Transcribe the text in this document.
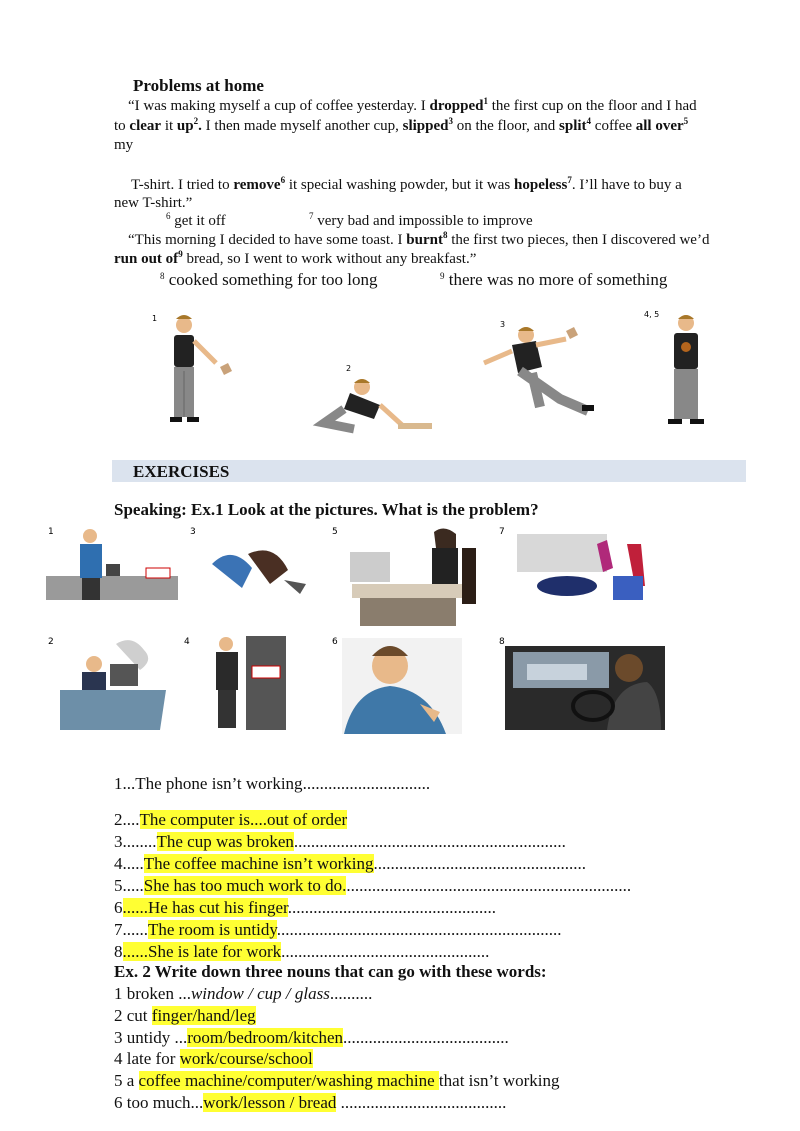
Problems at home
“I was making myself a cup of coffee yesterday. I dropped$^1$ the first cup on the floor and I had
to clear it $up^2$. I then made myself another cup, slipped$^3$ on the floor, and split$^4$ coffee all over$^5$
my
T-shirt. I tried to remove$^6$ it special washing powder, but it was hopeless$^7$. I’ll have to buy a
new T-shirt.”
$^6$ get it off	$^7$ very bad and impossible to improve
“This morning I decided to have some toast. I burnt$^8$ the first two pieces, then I discovered we’d
run out $of^9$ bread, so I went to work without any breakfast.”
$^8$ cooked something for too long	$^9$ there was no more of something
1
2
3
4, 5
EXERCISES
Speaking: Ex.1 Look at the pictures. What is the problem?
1	3	5	7
2	4	6	8
1...The phone isn’t working..............................
2....The computer is....out of order
3........The cup was broken................................................................
4.....The coffee machine isn’t working..................................................
5.....She has too much work to do....................................................................
6......He has cut his finger.................................................
7......The room is untidy...................................................................
8......She is late for work.................................................
Ex. 2 Write down three nouns that can go with these words:
1 broken ...window / cup / glass..........
2 cut finger/hand/leg
3 untidy ...room/bedroom/kitchen.......................................
4 late for work/course/school
5 a coffee machine/computer/washing machine that isn’t working
6 too much...work/lesson / bread .......................................
